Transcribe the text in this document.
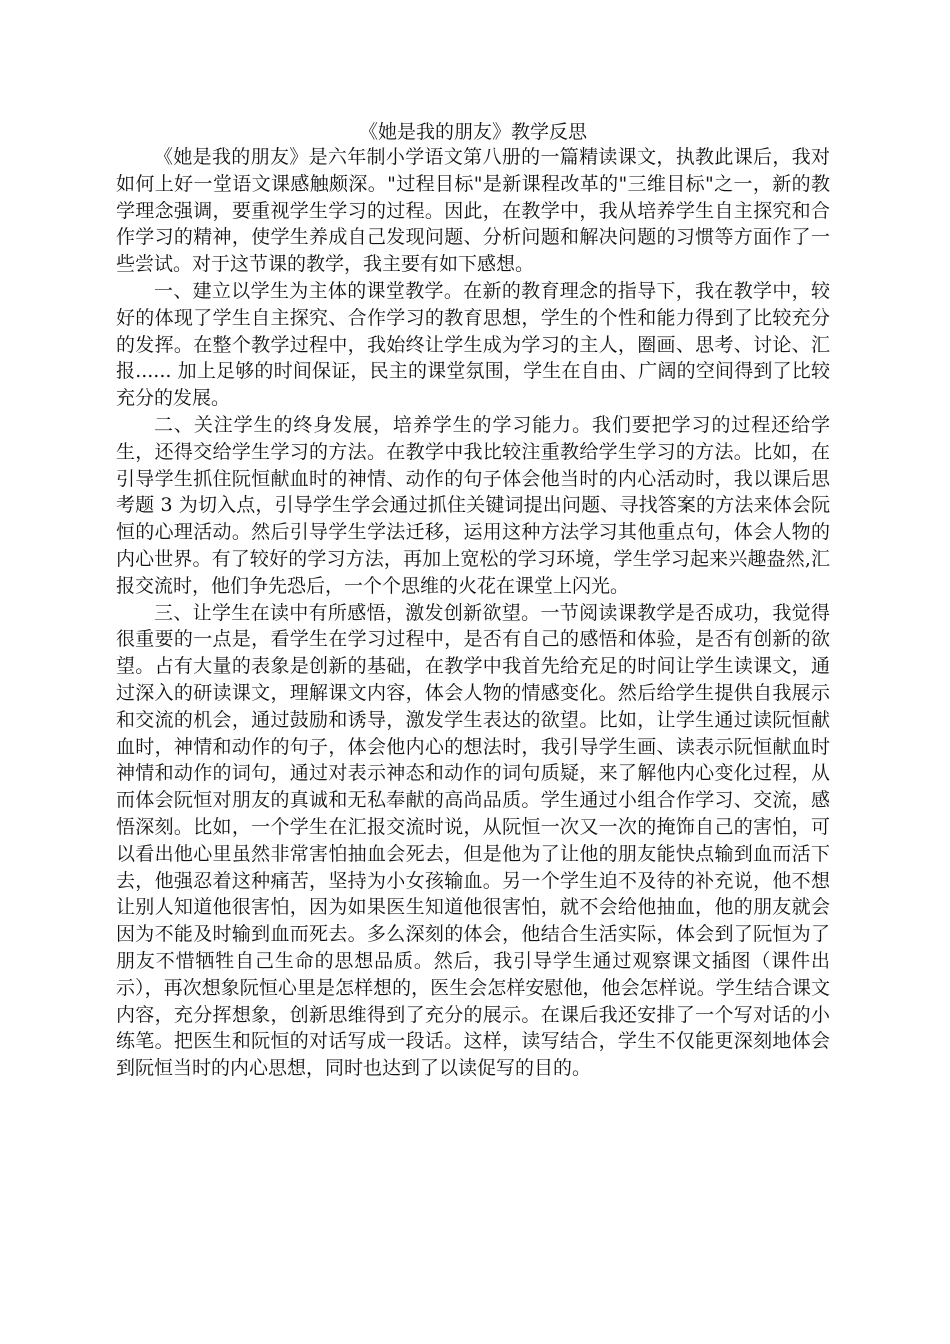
《她是我的朋友》教学反思

《她是我的朋友》是六年制小学语文第八册的一篇精读课文，执教此课后，我对如何上好一堂语文课感触颇深。"过程目标"是新课程改革的"三维目标"之一，新的教学理念强调，要重视学生学习的过程。因此，在教学中，我从培养学生自主探究和合作学习的精神，使学生养成自己发现问题、分析问题和解决问题的习惯等方面作了一些尝试。对于这节课的教学，我主要有如下感想。

一、建立以学生为主体的课堂教学。在新的教育理念的指导下，我在教学中，较好的体现了学生自主探究、合作学习的教育思想，学生的个性和能力得到了比较充分的发挥。在整个教学过程中，我始终让学生成为学习的主人，圈画、思考、讨论、汇报...... 加上足够的时间保证，民主的课堂氛围，学生在自由、广阔的空间得到了比较充分的发展。

二、关注学生的终身发展，培养学生的学习能力。我们要把学习的过程还给学生，还得交给学生学习的方法。在教学中我比较注重教给学生学习的方法。比如，在引导学生抓住阮恒献血时的神情、动作的句子体会他当时的内心活动时，我以课后思考题 3 为切入点，引导学生学会通过抓住关键词提出问题、寻找答案的方法来体会阮恒的心理活动。然后引导学生学法迁移，运用这种方法学习其他重点句，体会人物的内心世界。有了较好的学习方法，再加上宽松的学习环境，学生学习起来兴趣盎然,汇报交流时，他们争先恐后，一个个思维的火花在课堂上闪光。

三、让学生在读中有所感悟，激发创新欲望。一节阅读课教学是否成功，我觉得很重要的一点是，看学生在学习过程中，是否有自己的感悟和体验，是否有创新的欲望。占有大量的表象是创新的基础，在教学中我首先给充足的时间让学生读课文，通过深入的研读课文，理解课文内容，体会人物的情感变化。然后给学生提供自我展示和交流的机会，通过鼓励和诱导，激发学生表达的欲望。比如，让学生通过读阮恒献血时，神情和动作的句子，体会他内心的想法时，我引导学生画、读表示阮恒献血时神情和动作的词句，通过对表示神态和动作的词句质疑，来了解他内心变化过程，从而体会阮恒对朋友的真诚和无私奉献的高尚品质。学生通过小组合作学习、交流，感悟深刻。比如，一个学生在汇报交流时说，从阮恒一次又一次的掩饰自己的害怕，可以看出他心里虽然非常害怕抽血会死去，但是他为了让他的朋友能快点输到血而活下去，他强忍着这种痛苦，坚持为小女孩输血。另一个学生迫不及待的补充说，他不想让别人知道他很害怕，因为如果医生知道他很害怕，就不会给他抽血，他的朋友就会因为不能及时输到血而死去。多么深刻的体会，他结合生活实际，体会到了阮恒为了朋友不惜牺牲自己生命的思想品质。然后，我引导学生通过观察课文插图（课件出示），再次想象阮恒心里是怎样想的，医生会怎样安慰他，他会怎样说。学生结合课文内容，充分挥想象，创新思维得到了充分的展示。在课后我还安排了一个写对话的小练笔。把医生和阮恒的对话写成一段话。这样，读写结合，学生不仅能更深刻地体会到阮恒当时的内心思想，同时也达到了以读促写的目的。
